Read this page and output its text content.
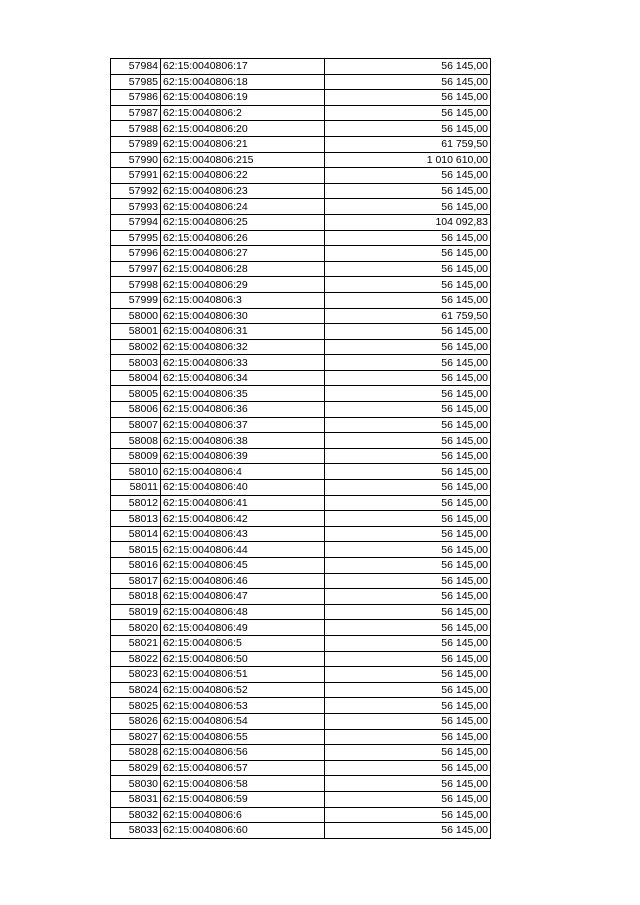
57984	62:15:0040806:17	56 145,00
57985	62:15:0040806:18	56 145,00
57986	62:15:0040806:19	56 145,00
57987	62:15:0040806:2	56 145,00
57988	62:15:0040806:20	56 145,00
57989	62:15:0040806:21	61 759,50
57990	62:15:0040806:215	1 010 610,00
57991	62:15:0040806:22	56 145,00
57992	62:15:0040806:23	56 145,00
57993	62:15:0040806:24	56 145,00
57994	62:15:0040806:25	104 092,83
57995	62:15:0040806:26	56 145,00
57996	62:15:0040806:27	56 145,00
57997	62:15:0040806:28	56 145,00
57998	62:15:0040806:29	56 145,00
57999	62:15:0040806:3	56 145,00
58000	62:15:0040806:30	61 759,50
58001	62:15:0040806:31	56 145,00
58002	62:15:0040806:32	56 145,00
58003	62:15:0040806:33	56 145,00
58004	62:15:0040806:34	56 145,00
58005	62:15:0040806:35	56 145,00
58006	62:15:0040806:36	56 145,00
58007	62:15:0040806:37	56 145,00
58008	62:15:0040806:38	56 145,00
58009	62:15:0040806:39	56 145,00
58010	62:15:0040806:4	56 145,00
58011	62:15:0040806:40	56 145,00
58012	62:15:0040806:41	56 145,00
58013	62:15:0040806:42	56 145,00
58014	62:15:0040806:43	56 145,00
58015	62:15:0040806:44	56 145,00
58016	62:15:0040806:45	56 145,00
58017	62:15:0040806:46	56 145,00
58018	62:15:0040806:47	56 145,00
58019	62:15:0040806:48	56 145,00
58020	62:15:0040806:49	56 145,00
58021	62:15:0040806:5	56 145,00
58022	62:15:0040806:50	56 145,00
58023	62:15:0040806:51	56 145,00
58024	62:15:0040806:52	56 145,00
58025	62:15:0040806:53	56 145,00
58026	62:15:0040806:54	56 145,00
58027	62:15:0040806:55	56 145,00
58028	62:15:0040806:56	56 145,00
58029	62:15:0040806:57	56 145,00
58030	62:15:0040806:58	56 145,00
58031	62:15:0040806:59	56 145,00
58032	62:15:0040806:6	56 145,00
58033	62:15:0040806:60	56 145,00
